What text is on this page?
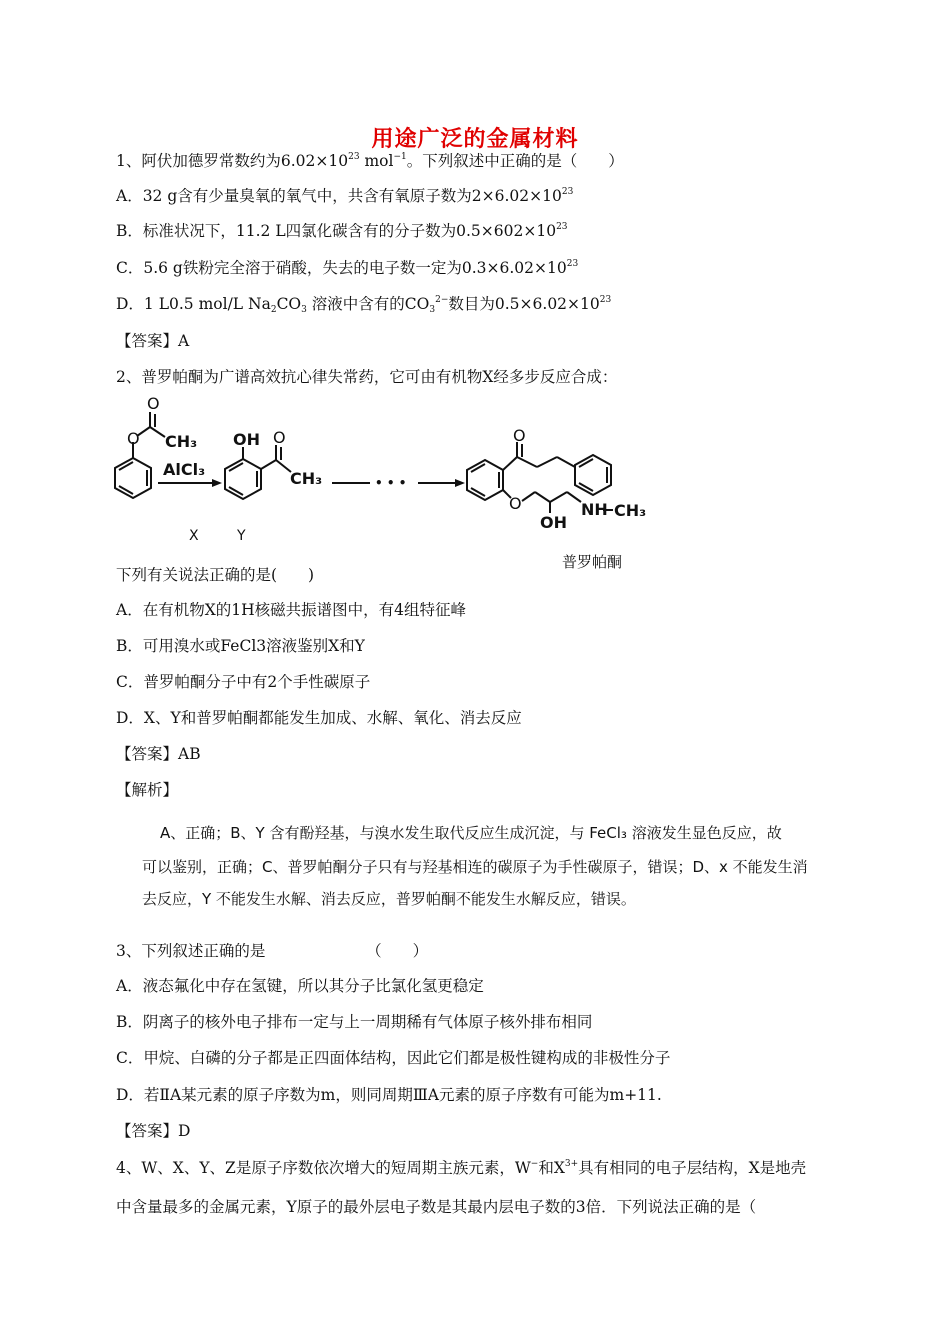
用途广泛的金属材料
1、阿伏加德罗常数约为$6.02\times 10^{23}$ mol$^{-1}$。下列叙述中正确的是（　　）
A．32 g含有少量臭氧的氧气中，共含有氧原子数为$2\times 6.02\times 10^{23}$
B．标准状况下，11.2 L四氯化碳含有的分子数为$0.5\times 602\times 10^{23}$
C．5.6 g铁粉完全溶于硝酸，失去的电子数一定为$0.3\times 6.02\times 10^{23}$
D．1 L0.5 mol/L $Na_2CO_3$ 溶液中含有的$CO_3^{2-}$数目为$0.5\times 6.02\times 10^{23}$
【答案】A
2、普罗帕酮为广谱高效抗心律失常药，它可由有机物X经多步反应合成：
O
O CH₃
AlCl₃
OH O
CH₃	• • •
O
O
OH
NH CH₃
X	Y
普罗帕酮
下列有关说法正确的是(　　)
A．在有机物X的1H核磁共振谱图中，有4组特征峰
B．可用溴水或FeCl3溶液鉴别X和Y
C．普罗帕酮分子中有2个手性碳原子
D．X、Y和普罗帕酮都能发生加成、水解、氧化、消去反应
【答案】AB
【解析】
A、正确；B、Y 含有酚羟基，与溴水发生取代反应生成沉淀，与 FeCl₃ 溶液发生显色反应，故
可以鉴别，正确；C、普罗帕酮分子只有与羟基相连的碳原子为手性碳原子，错误；D、x 不能发生消
去反应，Y 不能发生水解、消去反应，普罗帕酮不能发生水解反应，错误。
3、下列叙述正确的是　　　　　　　（　　）
A．液态氟化中存在氢键，所以其分子比氯化氢更稳定
B．阴离子的核外电子排布一定与上一周期稀有气体原子核外排布相同
C．甲烷、白磷的分子都是正四面体结构，因此它们都是极性键构成的非极性分子
D．若ⅡA某元素的原子序数为m，则同周期ⅢA元素的原子序数有可能为m+11.
【答案】D
4、W、X、Y、Z是原子序数依次增大的短周期主族元素，W−和$X^{3+}$具有相同的电子层结构，X是地壳
中含量最多的金属元素，Y原子的最外层电子数是其最内层电子数的3倍．下列说法正确的是（
